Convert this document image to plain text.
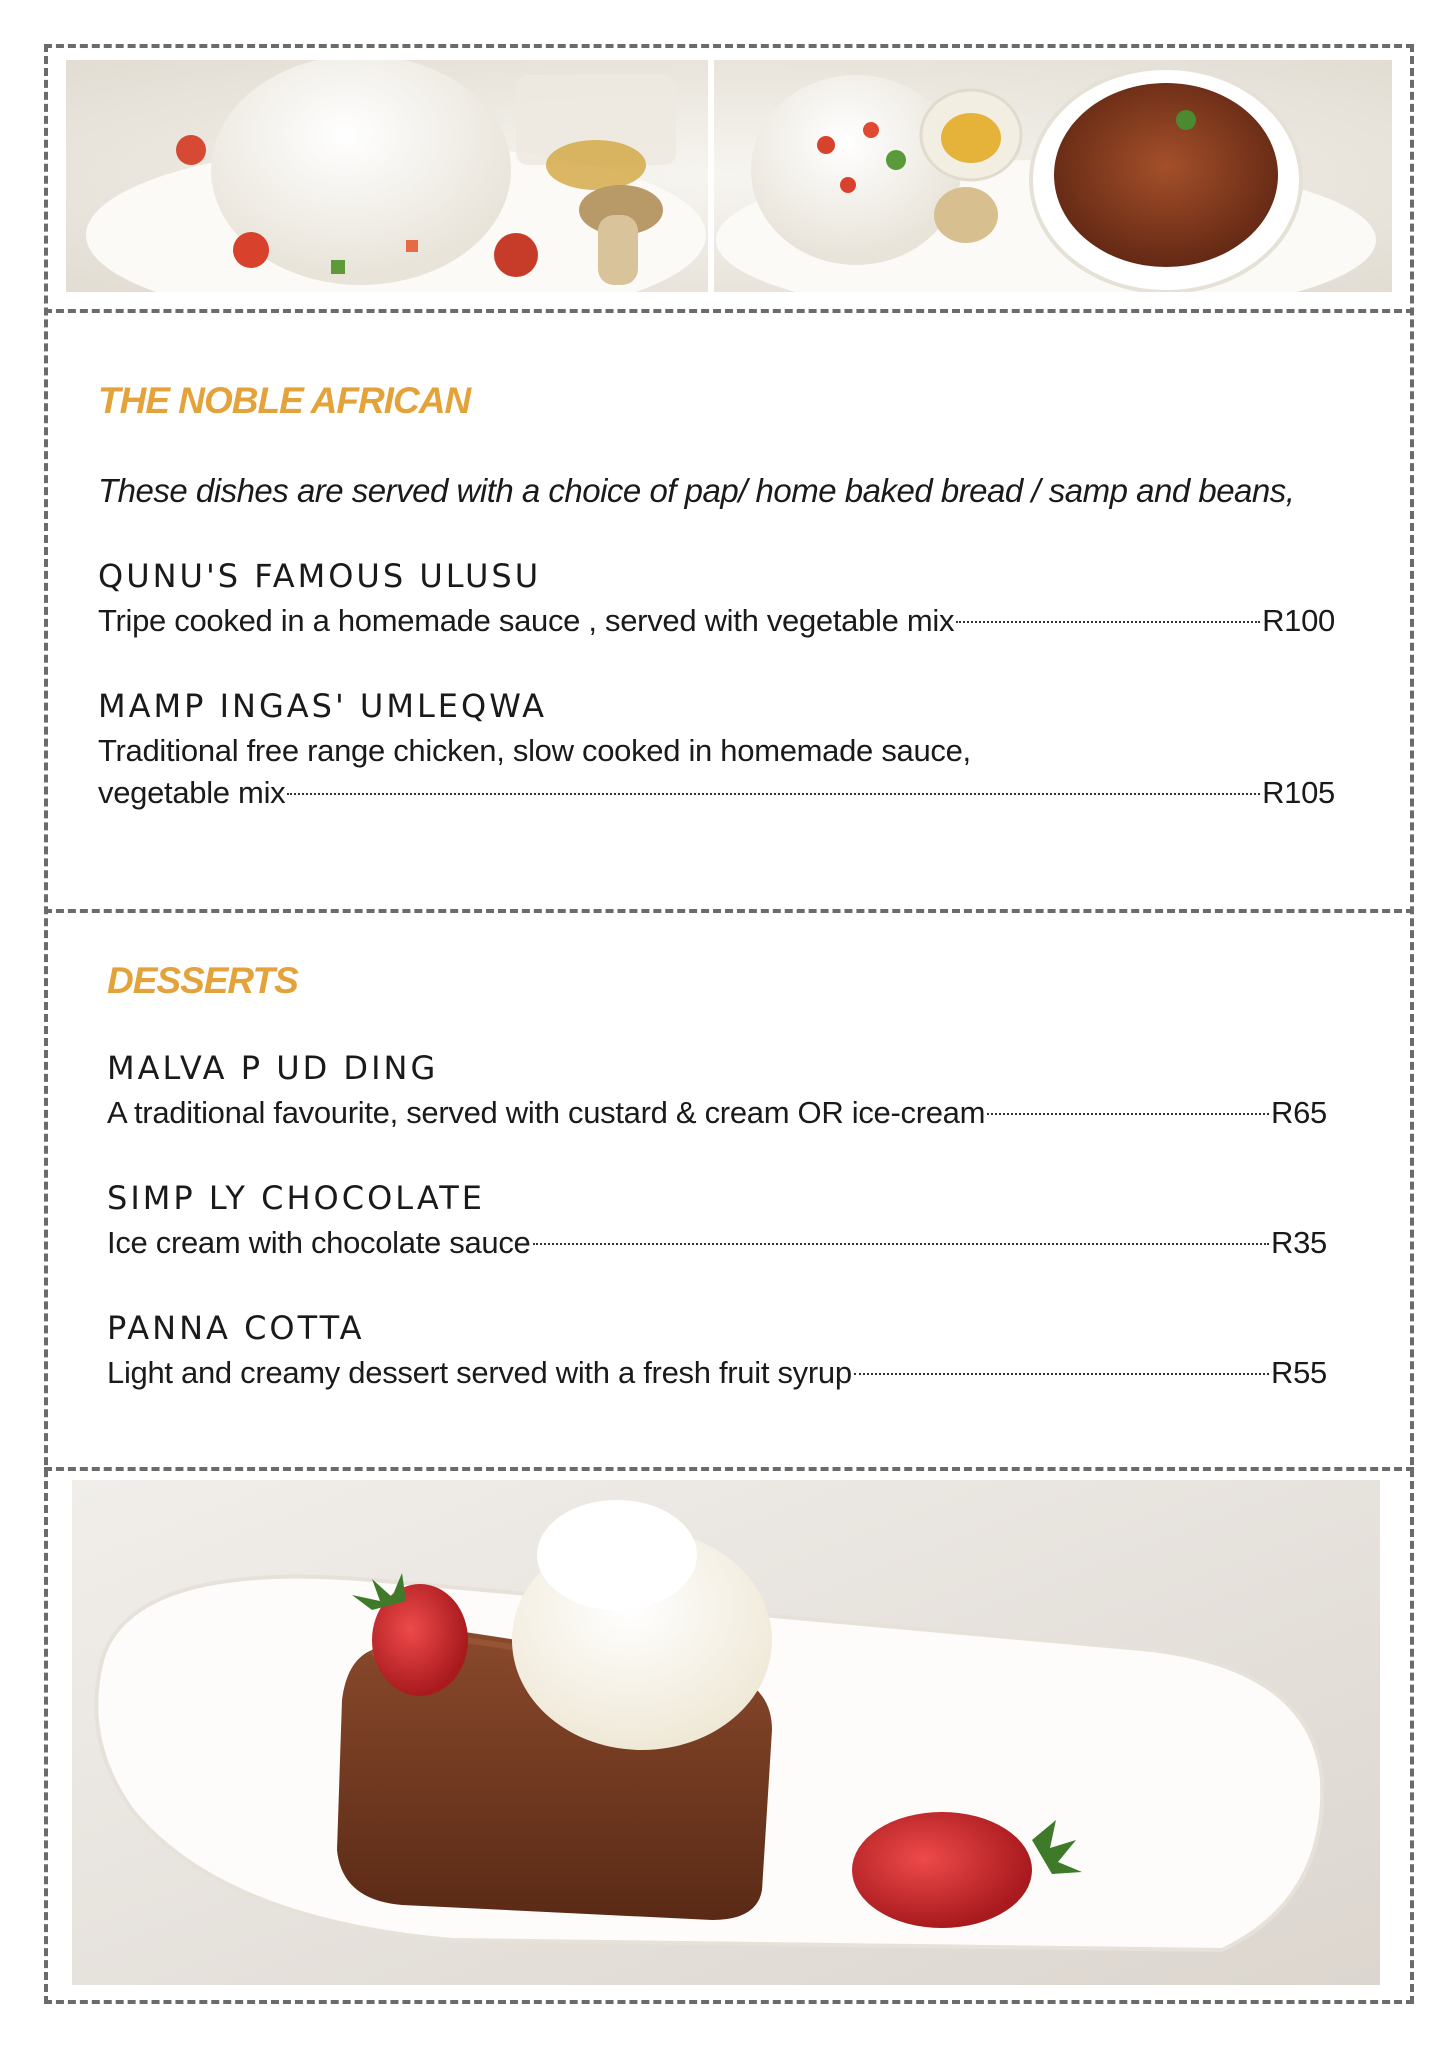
THE NOBLE AFRICAN
These dishes are served with a choice of pap/ home baked bread / samp and beans,
QUNU'S FAMOUS ULUSU
Tripe cooked in a homemade sauce , served with vegetable mix	R100
MAMP INGAS' UMLEQWA
Traditional free range chicken, slow cooked in homemade sauce,
vegetable mix	R105
DESSERTS
MALVA P UD DING
A traditional favourite, served with custard & cream OR ice-cream	R65
SIMP LY CHOCOLATE
Ice cream with chocolate sauce	R35
PANNA COTTA
Light and creamy dessert served with a fresh fruit syrup	R55
